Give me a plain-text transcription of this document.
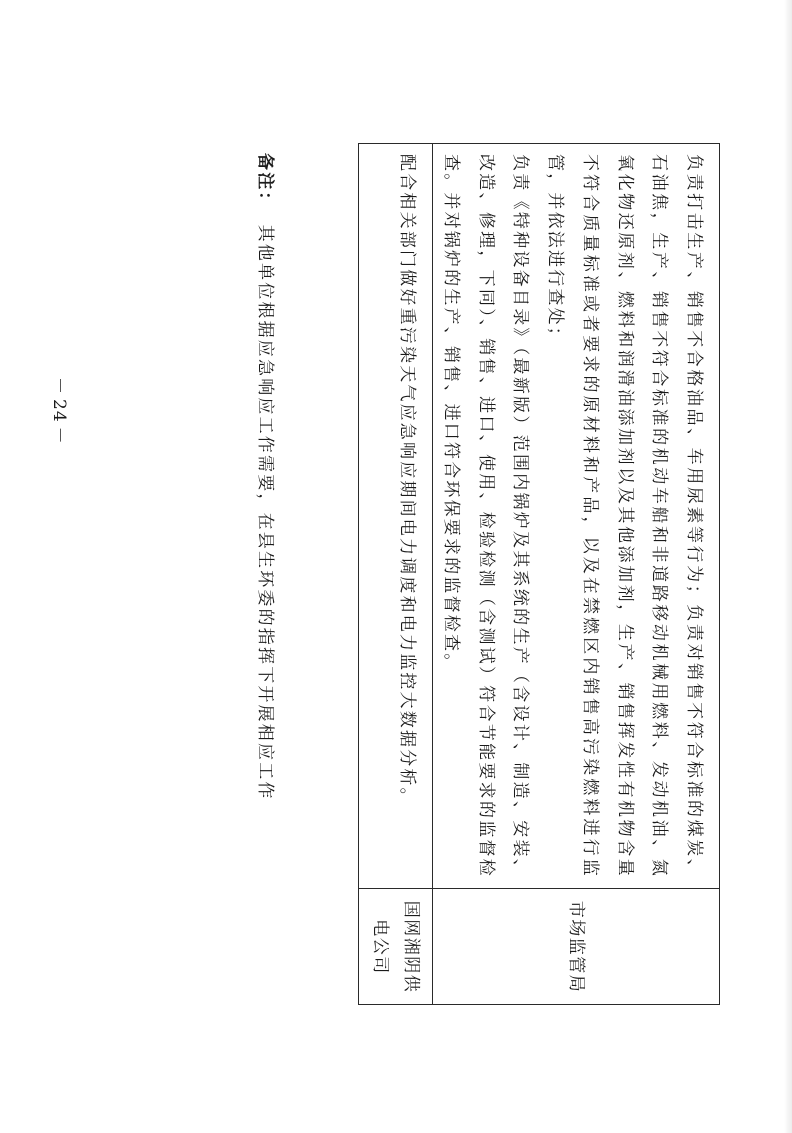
负责打击生产、销售不合格油品、车用尿素等行为；负责对销售不符合标准的煤炭、石油焦，生产、销售不符合标准的机动车船和非道路移动机械用燃料、发动机油、氮氧化物还原剂、燃料和润滑油添加剂以及其他添加剂，生产、销售挥发性有机物含量不符合质量标准或者要求的原材料和产品，以及在禁燃区内销售高污染燃料进行监管，并依法进行查处；

负责《特种设备目录》（最新版）范围内锅炉及其系统的生产（含设计、制造、安装、改造、修理，下同）、销售、进口、使用、检验检测（含测试）符合节能要求的监督检查。并对锅炉的生产、销售、进口符合环保要求的监督检查。

市场监管局

配合相关部门做好重污染天气应急响应期间电力调度和电力监控大数据分析。

国网湘阴供
电公司
备注：其他单位根据应急响应工作需要，在县生环委的指挥下开展相应工作
－24－
